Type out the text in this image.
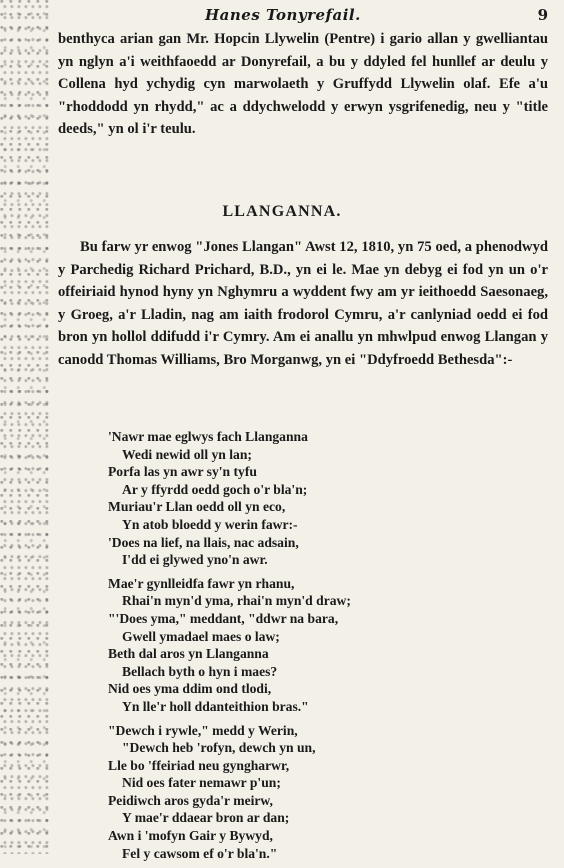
Hanes Tonyrefail.	9

benthyca arian gan Mr. Hopcin Llywelin (Pentre) i gario allan y gwelliantau yn nglyn a'i weithfaoedd ar Donyrefail, a bu y ddyled fel hunllef ar deulu y Collena hyd ychydig cyn marwolaeth y Gruffydd Llywelin olaf. Efe a'u "rhoddodd yn rhydd," ac a ddychwelodd y erwyn ysgrifenedig, neu y "title deeds," yn ol i'r teulu.

LLANGANNA.

Bu farw yr enwog "Jones Llangan" Awst 12, 1810, yn 75 oed, a phenodwyd y Parchedig Richard Prichard, B.D., yn ei le. Mae yn debyg ei fod yn un o'r offeiriaid hynod hyny yn Nghymru a wyddent fwy am yr ieithoedd Saesonaeg, y Groeg, a'r Lladin, nag am iaith frodorol Cymru, a'r canlyniad oedd ei fod bron yn hollol ddifudd i'r Cymry. Am ei anallu yn mhwlpud enwog Llangan y canodd Thomas Williams, Bro Morganwg, yn ei "Ddyfroedd Bethesda":-

'Nawr mae eglwys fach Llanganna
Wedi newid oll yn lan;
Porfa las yn awr sy'n tyfu
Ar y ffyrdd oedd goch o'r bla'n;
Muriau'r Llan oedd oll yn eco,
Yn atob bloedd y werin fawr:-
'Does na lief, na llais, nac adsain,
I'dd ei glywed yno'n awr.
Mae'r gynlleidfa fawr yn rhanu,
Rhai'n myn'd yma, rhai'n myn'd draw;
"'Does yma," meddant, "ddwr na bara,
Gwell ymadael maes o law;
Beth dal aros yn Llanganna
Bellach byth o hyn i maes?
Nid oes yma ddim ond tlodi,
Yn lle'r holl ddanteithion bras."
"Dewch i rywle," medd y Werin,
"Dewch heb 'rofyn, dewch yn un,
Lle bo 'ffeiriad neu gyngharwr,
Nid oes fater nemawr p'un;
Peidiwch aros gyda'r meirw,
Y mae'r ddaear bron ar dan;
Awn i 'mofyn Gair y Bywyd,
Fel y cawsom ef o'r bla'n."
